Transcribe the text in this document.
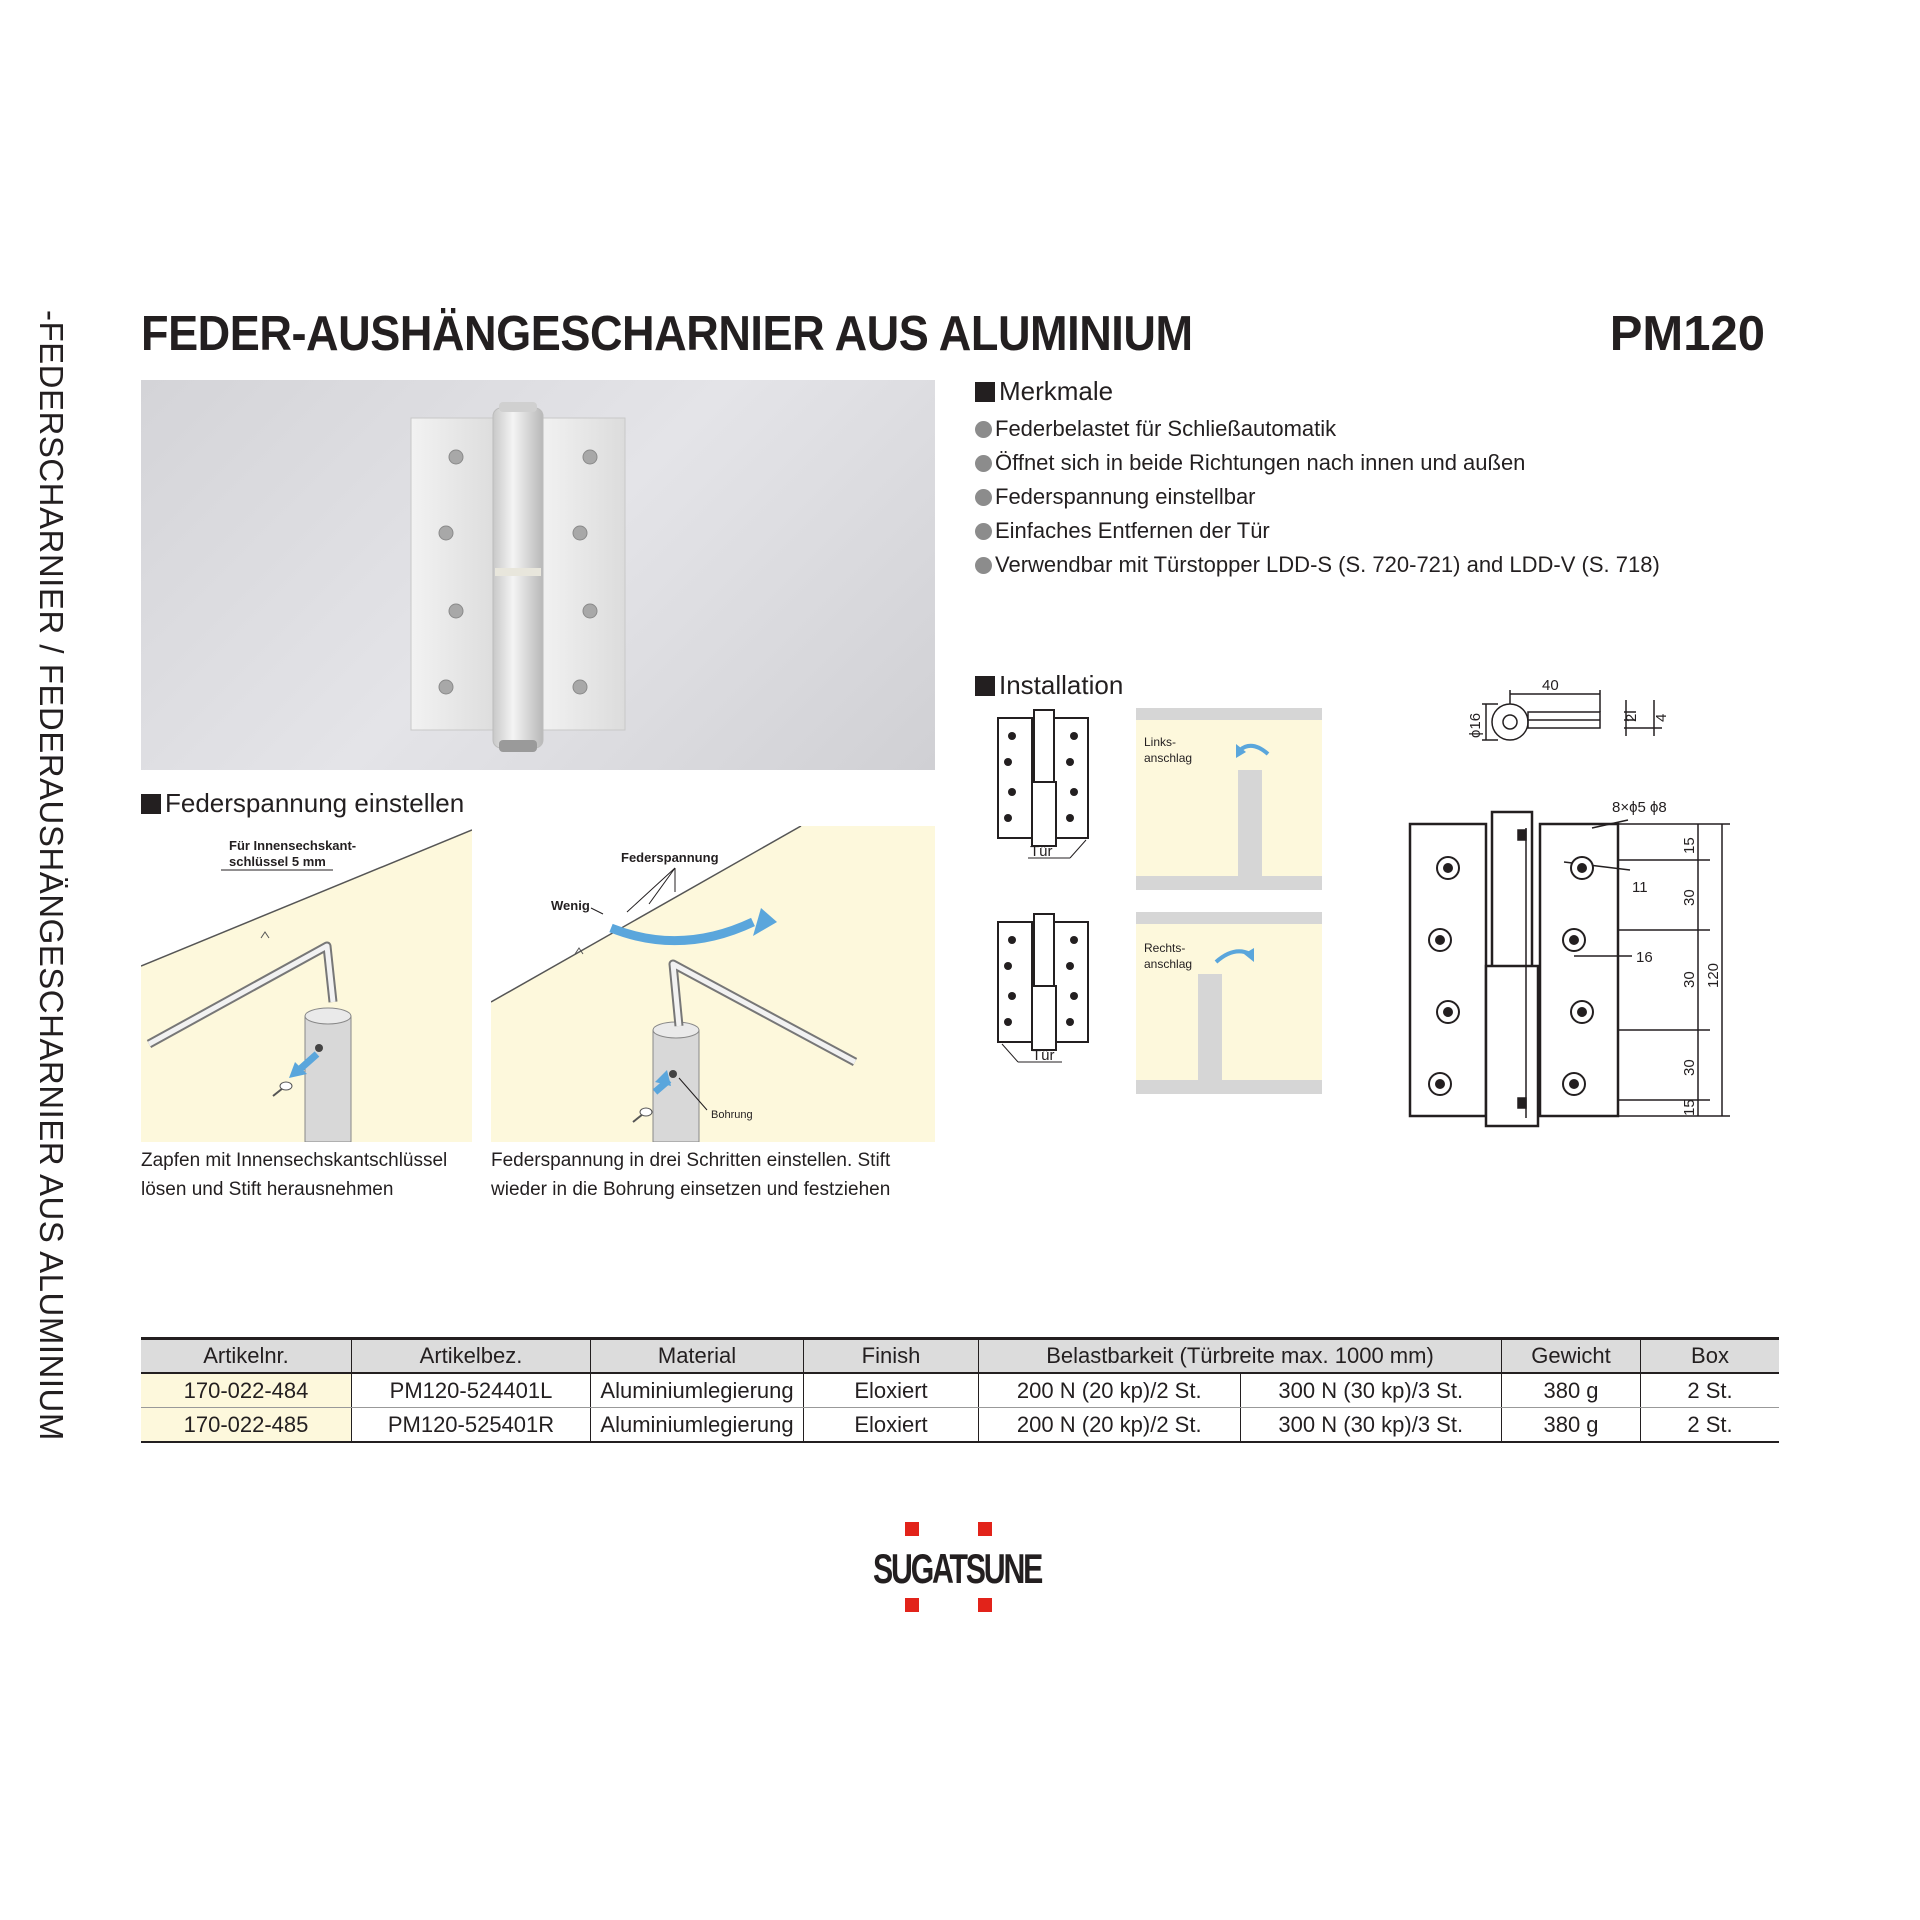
-FEDERSCHARNIER / FEDERAUSHÄNGESCHARNIER AUS ALUMINIUM FEDER-AUSHÄNGESCHARNIER AUS ALUMINIUM	PM120
Merkmale
Federbelastet für Schließautomatik
Öffnet sich in beide Richtungen nach innen und außen
Federspannung einstellbar
Einfaches Entfernen der Tür
Verwendbar mit Türstopper LDD-S (S. 720-721) and LDD-V (S. 718)
Federspannung einstellen
Für Innensechskant-
schlüssel 5 mm	Federspannung
Wenig
Bohrung
Zapfen mit Innensechskantschlüssel
lösen und Stift herausnehmen
Federspannung in drei Schritten einstellen. Stift
wieder in die Bohrung einsetzen und festziehen
Installation
Tür
Links-
anschlag
Tür
Rechts-
anschlag
40
ϕ16	2 4
8×ϕ5 ϕ8
15
11
30
16
30
30
15
120
Artikelnr.	Artikelbez.	Material	Finish	Belastbarkeit (Türbreite max. 1000 mm)		Gewicht	Box
170-022-484	PM120-524401L	Aluminiumlegierung	Eloxiert	200 N (20 kp)/2 St.	300 N (30 kp)/3 St.	380 g	2 St.
170-022-485	PM120-525401R	Aluminiumlegierung	Eloxiert	200 N (20 kp)/2 St.	300 N (30 kp)/3 St.	380 g	2 St.
SUGATSUNE
